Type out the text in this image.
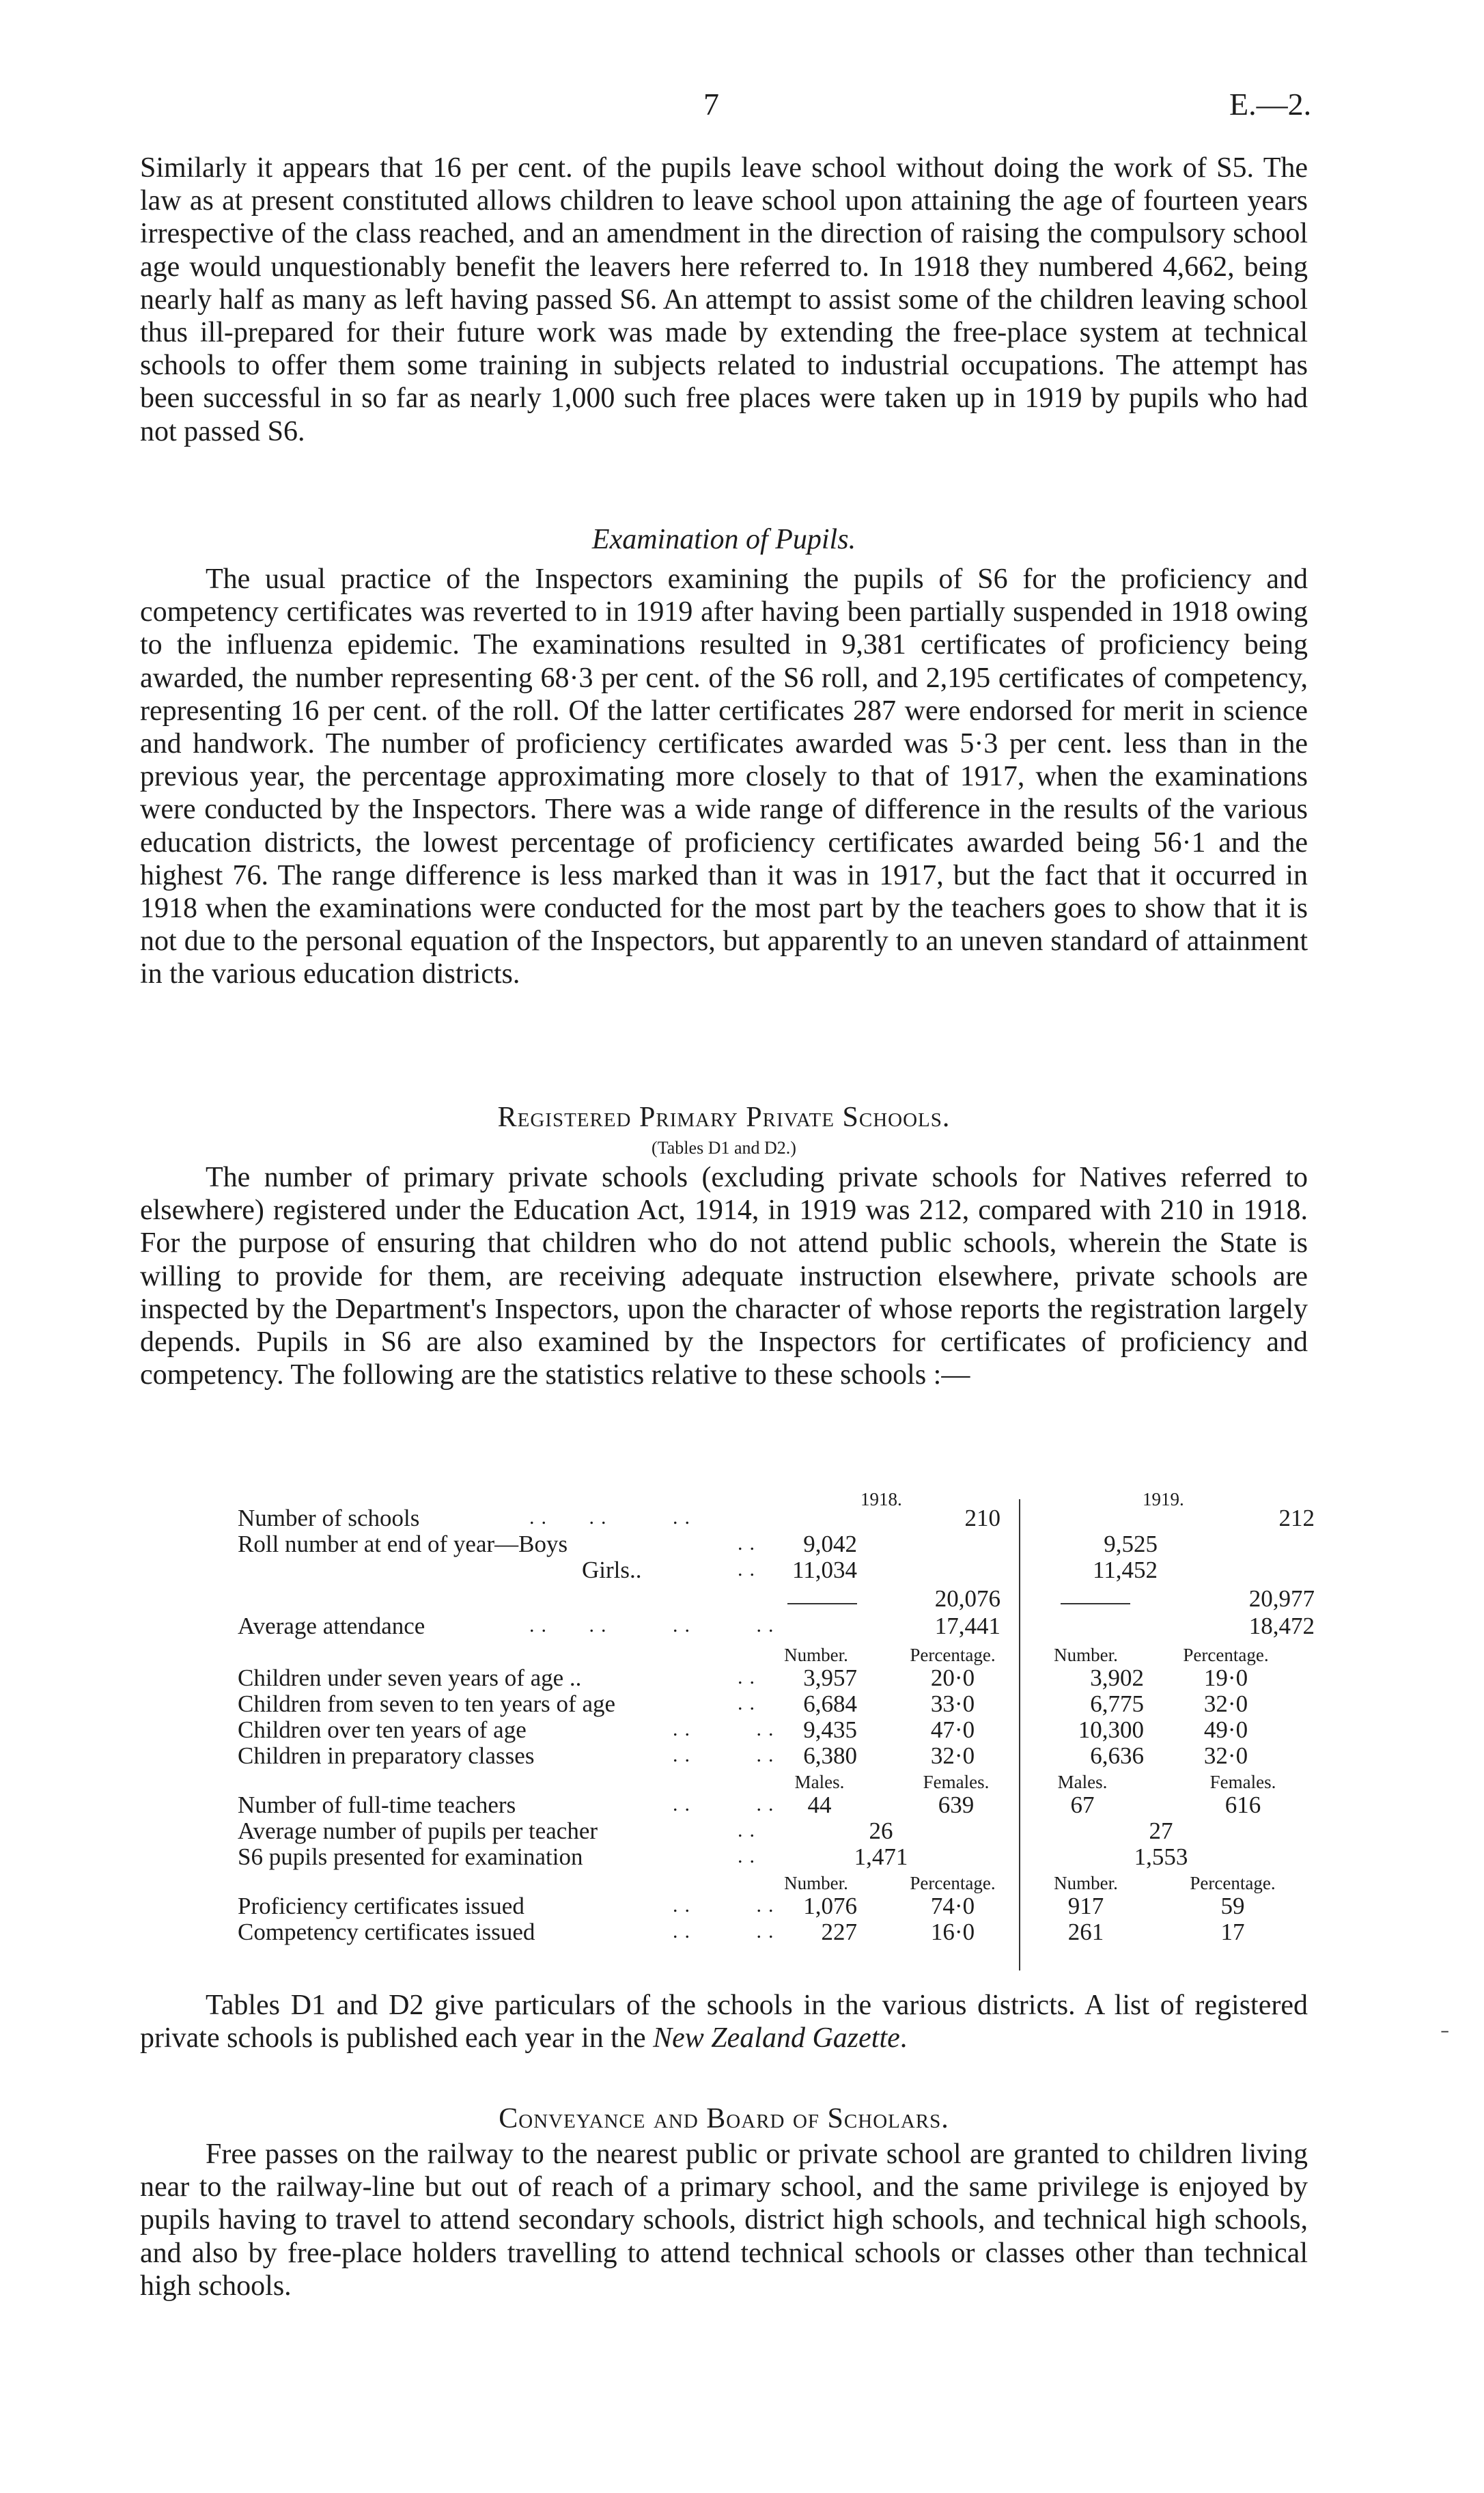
7	E.—2.

Similarly it appears that 16 per cent. of the pupils leave school without doing the work of S5. The law as at present constituted allows children to leave school upon attaining the age of fourteen years irrespective of the class reached, and an amendment in the direction of raising the compulsory school age would unquestionably benefit the leavers here referred to. In 1918 they numbered 4,662, being nearly half as many as left having passed S6. An attempt to assist some of the children leaving school thus ill-prepared for their future work was made by extending the free-place system at technical schools to offer them some training in subjects related to industrial occupations. The attempt has been successful in so far as nearly 1,000 such free places were taken up in 1919 by pupils who had not passed S6.

Examination of Pupils.

The usual practice of the Inspectors examining the pupils of S6 for the proficiency and competency certificates was reverted to in 1919 after having been partially suspended in 1918 owing to the influenza epidemic. The examinations resulted in 9,381 certificates of proficiency being awarded, the number representing 68·3 per cent. of the S6 roll, and 2,195 certificates of competency, representing 16 per cent. of the roll. Of the latter certificates 287 were endorsed for merit in science and handwork. The number of proficiency certificates awarded was 5·3 per cent. less than in the previous year, the percentage approximating more closely to that of 1917, when the examinations were conducted by the Inspectors. There was a wide range of difference in the results of the various education districts, the lowest percentage of proficiency certificates awarded being 56·1 and the highest 76. The range difference is less marked than it was in 1917, but the fact that it occurred in 1918 when the examinations were conducted for the most part by the teachers goes to show that it is not due to the personal equation of the Inspectors, but apparently to an uneven standard of attainment in the various education districts.

Registered Primary Private Schools.
(Tables D1 and D2.)

The number of primary private schools (excluding private schools for Natives referred to elsewhere) registered under the Education Act, 1914, in 1919 was 212, compared with 210 in 1918. For the purpose of ensuring that children who do not attend public schools, wherein the State is willing to provide for them, are receiving adequate instruction elsewhere, private schools are inspected by the Department's Inspectors, upon the character of whose reports the registration largely depends. Pupils in S6 are also examined by the Inspectors for certificates of proficiency and competency. The following are the statistics relative to these schools :—

1918.	1919.
Number of schools	..   ..     ..	210	212
Roll number at end of year—Boys	..	9,042	9,525
Girls..	..	11,034	11,452
20,076	20,977
Average attendance	..   ..     ..     ..	17,441	18,472
Number.	Percentage.	Number.	Percentage.
Children under seven years of age ..	..	3,957	20·0	3,902	19·0
Children from seven to ten years of age	..	6,684	33·0	6,775	32·0
Children over ten years of age	..     .. 9,435	47·0	10,300	49·0
Children in preparatory classes	..     .. 6,380	32·0	6,636	32·0
Males.	Females.	Males.	Females.
Number of full-time teachers	..     ..	44	639	67	616
Average number of pupils per teacher	..	26	27
S6 pupils presented for examination	..	1,471	1,553
Number.	Percentage.	Number.	Percentage.
Proficiency certificates issued	..     .. 1,076	74·0	917	59
Competency certificates issued	..     ..	227	16·0	261	17

Tables D1 and D2 give particulars of the schools in the various districts. A list of registered private schools is published each year in the New Zealand Gazette.	˗
Conveyance and Board of Scholars.

Free passes on the railway to the nearest public or private school are granted to children living near to the railway-line but out of reach of a primary school, and the same privilege is enjoyed by pupils having to travel to attend secondary schools, district high schools, and technical high schools, and also by free-place holders travelling to attend technical schools or classes other than technical high schools.
